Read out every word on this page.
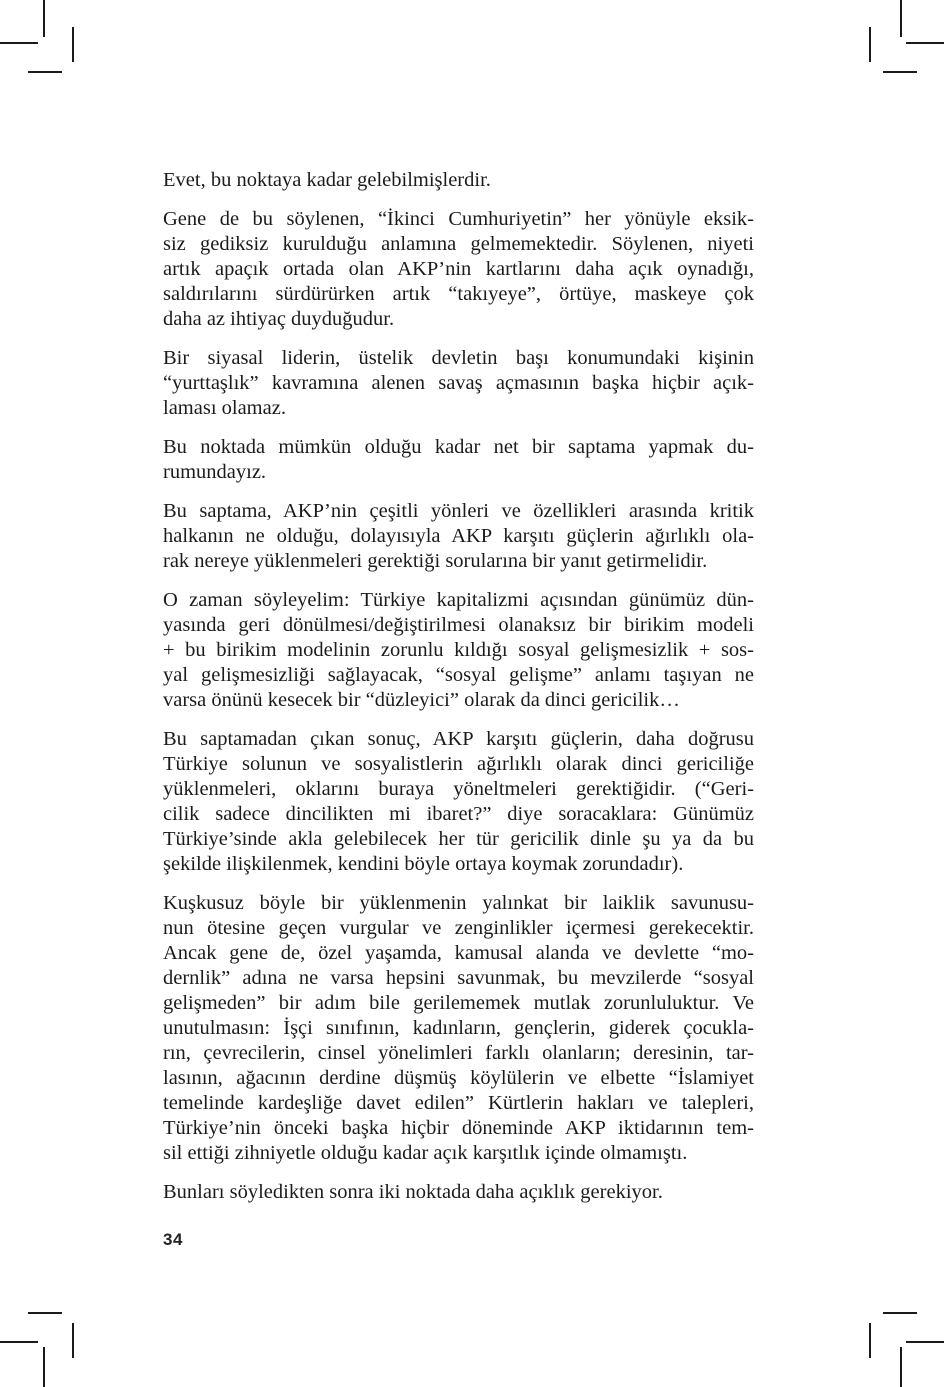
Evet, bu noktaya kadar gelebilmişlerdir.

Gene de bu söylenen, “İkinci Cumhuriyetin” her yönüyle eksik-
siz gediksiz kurulduğu anlamına gelmemektedir. Söylenen, niyeti
artık apaçık ortada olan AKP’nin kartlarını daha açık oynadığı,
saldırılarını sürdürürken artık “takıyeye”, örtüye, maskeye çok
daha az ihtiyaç duyduğudur.

Bir siyasal liderin, üstelik devletin başı konumundaki kişinin
“yurttaşlık” kavramına alenen savaş açmasının başka hiçbir açık-
laması olamaz.

Bu noktada mümkün olduğu kadar net bir saptama yapmak du-
rumundayız.

Bu saptama, AKP’nin çeşitli yönleri ve özellikleri arasında kritik
halkanın ne olduğu, dolayısıyla AKP karşıtı güçlerin ağırlıklı ola-
rak nereye yüklenmeleri gerektiği sorularına bir yanıt getirmelidir.

O zaman söyleyelim: Türkiye kapitalizmi açısından günümüz dün-
yasında geri dönülmesi/değiştirilmesi olanaksız bir birikim modeli
+ bu birikim modelinin zorunlu kıldığı sosyal gelişmesizlik + sos-
yal gelişmesizliği sağlayacak, “sosyal gelişme” anlamı taşıyan ne
varsa önünü kesecek bir “düzleyici” olarak da dinci gericilik…

Bu saptamadan çıkan sonuç, AKP karşıtı güçlerin, daha doğrusu
Türkiye solunun ve sosyalistlerin ağırlıklı olarak dinci gericiliğe
yüklenmeleri, oklarını buraya yöneltmeleri gerektiğidir. (“Geri-
cilik sadece dincilikten mi ibaret?” diye soracaklara: Günümüz
Türkiye’sinde akla gelebilecek her tür gericilik dinle şu ya da bu
şekilde ilişkilenmek, kendini böyle ortaya koymak zorundadır).

Kuşkusuz böyle bir yüklenmenin yalınkat bir laiklik savunusu-
nun ötesine geçen vurgular ve zenginlikler içermesi gerekecektir.
Ancak gene de, özel yaşamda, kamusal alanda ve devlette “mo-
dernlik” adına ne varsa hepsini savunmak, bu mevzilerde “sosyal
gelişmeden” bir adım bile gerilememek mutlak zorunluluktur. Ve
unutulmasın: İşçi sınıfının, kadınların, gençlerin, giderek çocukla-
rın, çevrecilerin, cinsel yönelimleri farklı olanların; deresinin, tar-
lasının, ağacının derdine düşmüş köylülerin ve elbette “İslamiyet
temelinde kardeşliğe davet edilen” Kürtlerin hakları ve talepleri,
Türkiye’nin önceki başka hiçbir döneminde AKP iktidarının tem-
sil ettiği zihniyetle olduğu kadar açık karşıtlık içinde olmamıştı.

Bunları söyledikten sonra iki noktada daha açıklık gerekiyor.

34
